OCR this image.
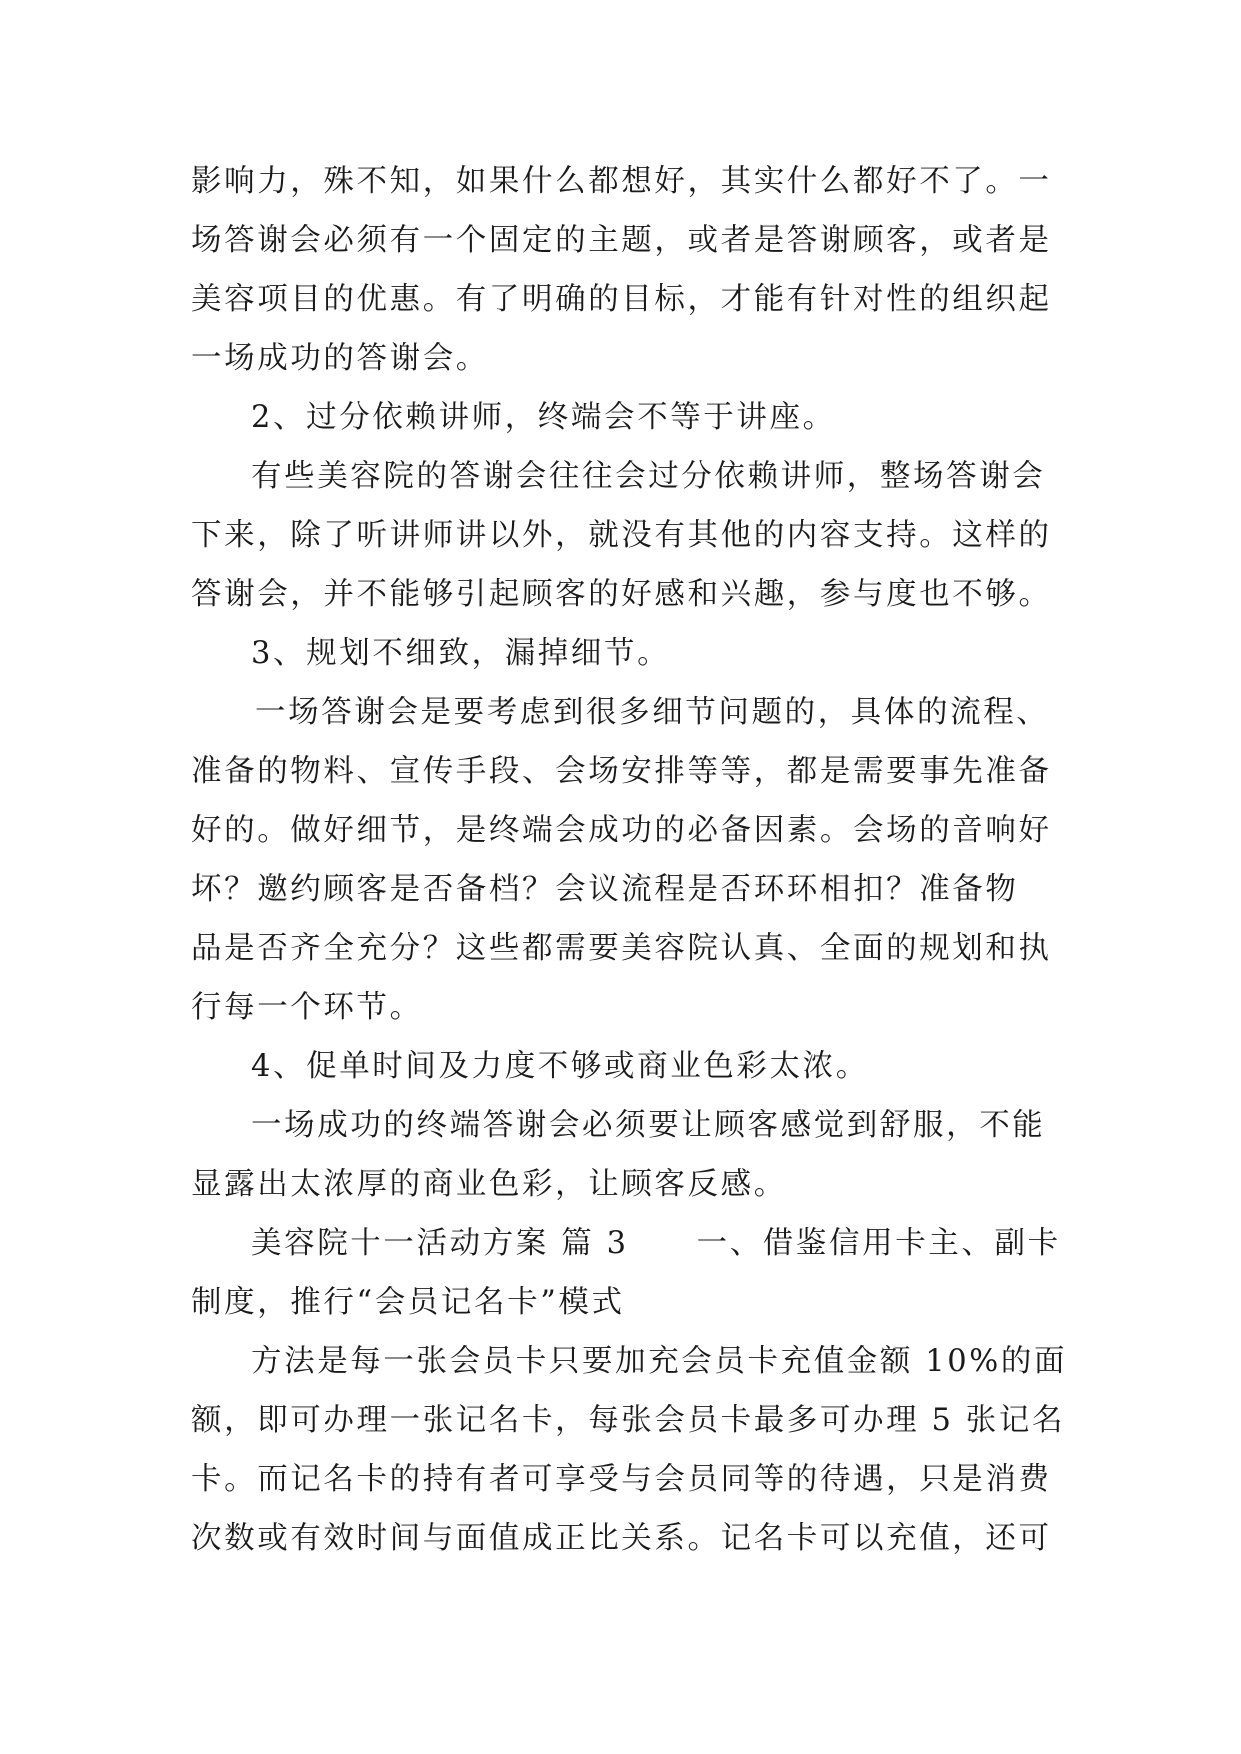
影响力，殊不知，如果什么都想好，其实什么都好不了。一
场答谢会必须有一个固定的主题，或者是答谢顾客，或者是
美容项目的优惠。有了明确的目标，才能有针对性的组织起
一场成功的答谢会。
2、过分依赖讲师，终端会不等于讲座。
有些美容院的答谢会往往会过分依赖讲师，整场答谢会
下来，除了听讲师讲以外，就没有其他的内容支持。这样的
答谢会，并不能够引起顾客的好感和兴趣，参与度也不够。
3、规划不细致，漏掉细节。
一场答谢会是要考虑到很多细节问题的，具体的流程、
准备的物料、宣传手段、会场安排等等，都是需要事先准备
好的。做好细节，是终端会成功的必备因素。会场的音响好
坏？邀约顾客是否备档？会议流程是否环环相扣？准备物
品是否齐全充分？这些都需要美容院认真、全面的规划和执
行每一个环节。
4、促单时间及力度不够或商业色彩太浓。
一场成功的终端答谢会必须要让顾客感觉到舒服，不能
显露出太浓厚的商业色彩，让顾客反感。
美容院十一活动方案 篇 3 一、借鉴信用卡主、副卡
制度，推行“会员记名卡”模式
方法是每一张会员卡只要加充会员卡充值金额 10%的面
额，即可办理一张记名卡，每张会员卡最多可办理 5 张记名
卡。而记名卡的持有者可享受与会员同等的待遇，只是消费
次数或有效时间与面值成正比关系。记名卡可以充值，还可
